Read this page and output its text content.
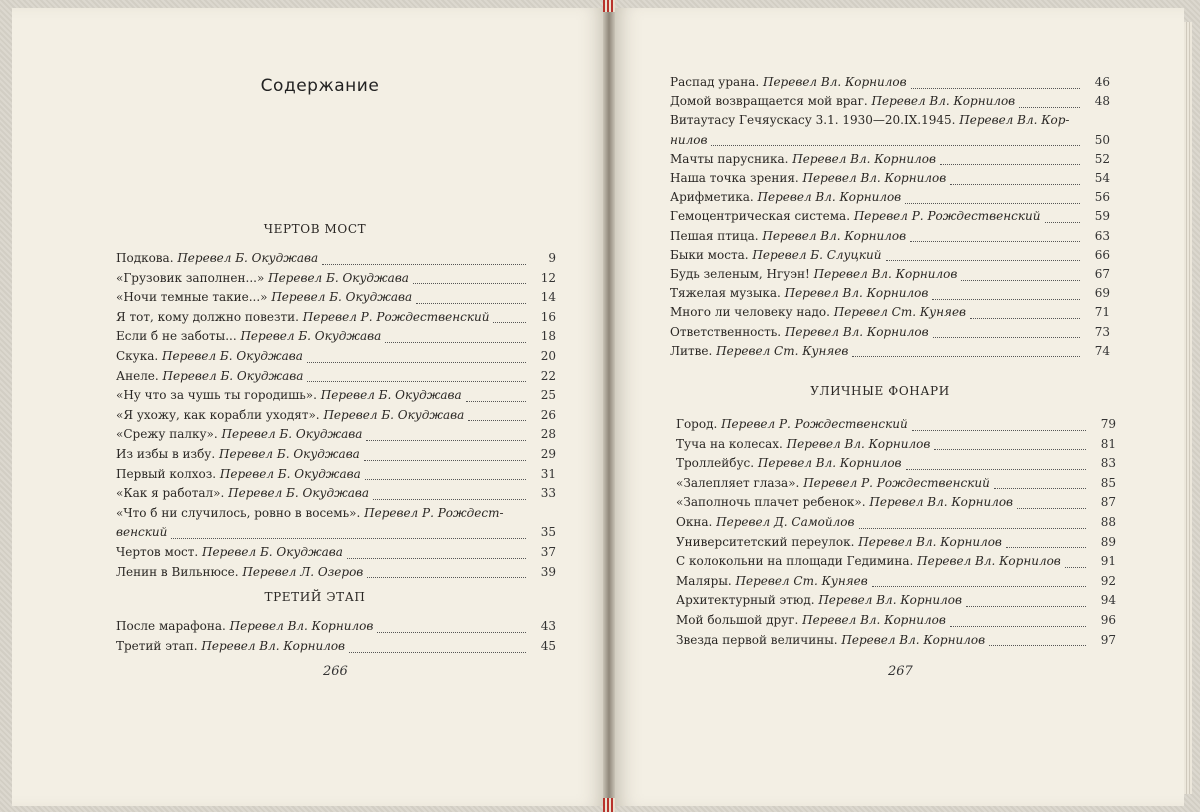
Содержание
ЧЕРТОВ МОСТ
Подкова. Перевел Б. Окуджава	9
«Грузовик заполнен...» Перевел Б. Окуджава	12
«Ночи темные такие...» Перевел Б. Окуджава	14
Я тот, кому должно повезти. Перевел Р. Рождественский	16
Если б не заботы... Перевел Б. Окуджава	18
Скука. Перевел Б. Окуджава	20
Анеле. Перевел Б. Окуджава	22
«Ну что за чушь ты городишь». Перевел Б. Окуджава	25
«Я ухожу, как корабли уходят». Перевел Б. Окуджава	26
«Срежу палку». Перевел Б. Окуджава	28
Из избы в избу. Перевел Б. Окуджава	29
Первый колхоз. Перевел Б. Окуджава	31
«Как я работал». Перевел Б. Окуджава	33
«Что б ни случилось, ровно в восемь». Перевел Р. Рождест-
венский	35
Чертов мост. Перевел Б. Окуджава	37
Ленин в Вильнюсе. Перевел Л. Озеров	39
ТРЕТИЙ ЭТАП
После марафона. Перевел Вл. Корнилов	43
Третий этап. Перевел Вл. Корнилов	45
266
Распад урана. Перевел Вл. Корнилов	46
Домой возвращается мой враг. Перевел Вл. Корнилов	48
Витаутасу Гечяускасу 3.1. 1930—20.IX.1945. Перевел Вл. Кор-
нилов	50
Мачты парусника. Перевел Вл. Корнилов	52
Наша точка зрения. Перевел Вл. Корнилов	54
Арифметика. Перевел Вл. Корнилов	56
Гемоцентрическая система. Перевел Р. Рождественский	59
Пешая птица. Перевел Вл. Корнилов	63
Быки моста. Перевел Б. Слуцкий	66
Будь зеленым, Нгуэн! Перевел Вл. Корнилов	67
Тяжелая музыка. Перевел Вл. Корнилов	69
Много ли человеку надо. Перевел Ст. Куняев	71
Ответственность. Перевел Вл. Корнилов	73
Литве. Перевел Ст. Куняев	74
УЛИЧНЫЕ ФОНАРИ
Город. Перевел Р. Рождественский	79
Туча на колесах. Перевел Вл. Корнилов	81
Троллейбус. Перевел Вл. Корнилов	83
«Залепляет глаза». Перевел Р. Рождественский	85
«Заполночь плачет ребенок». Перевел Вл. Корнилов	87
Окна. Перевел Д. Самойлов	88
Университетский переулок. Перевел Вл. Корнилов	89
С колокольни на площади Гедимина. Перевел Вл. Корнилов	91
Маляры. Перевел Ст. Куняев	92
Архитектурный этюд. Перевел Вл. Корнилов	94
Мой большой друг. Перевел Вл. Корнилов	96
Звезда первой величины. Перевел Вл. Корнилов	97
267
